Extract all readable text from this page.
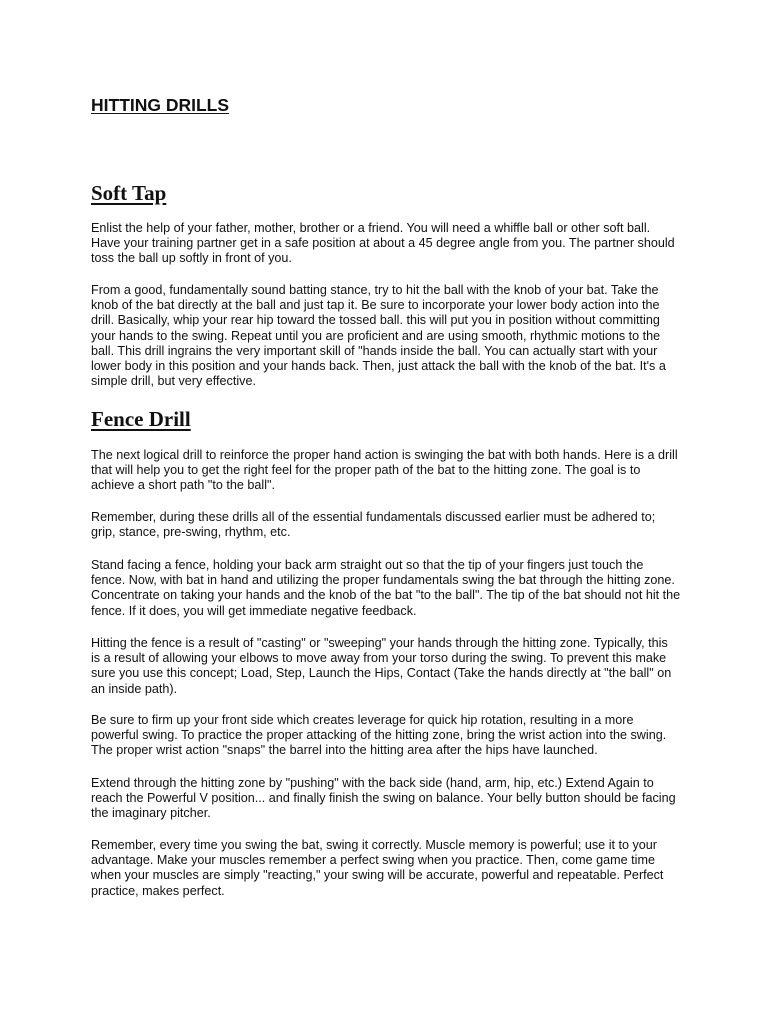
HITTING DRILLS
Soft Tap

Enlist the help of your father, mother, brother or a friend. You will need a whiffle ball or other soft ball.
Have your training partner get in a safe position at about a 45 degree angle from you. The partner should
toss the ball up softly in front of you.

From a good, fundamentally sound batting stance, try to hit the ball with the knob of your bat. Take the
knob of the bat directly at the ball and just tap it. Be sure to incorporate your lower body action into the
drill. Basically, whip your rear hip toward the tossed ball. this will put you in position without committing
your hands to the swing. Repeat until you are proficient and are using smooth, rhythmic motions to the
ball. This drill ingrains the very important skill of "hands inside the ball. You can actually start with your
lower body in this position and your hands back. Then, just attack the ball with the knob of the bat. It's a
simple drill, but very effective.

Fence Drill

The next logical drill to reinforce the proper hand action is swinging the bat with both hands. Here is a drill
that will help you to get the right feel for the proper path of the bat to the hitting zone. The goal is to
achieve a short path "to the ball".

Remember, during these drills all of the essential fundamentals discussed earlier must be adhered to;
grip, stance, pre-swing, rhythm, etc.

Stand facing a fence, holding your back arm straight out so that the tip of your fingers just touch the
fence. Now, with bat in hand and utilizing the proper fundamentals swing the bat through the hitting zone.
Concentrate on taking your hands and the knob of the bat "to the ball". The tip of the bat should not hit the
fence. If it does, you will get immediate negative feedback.

Hitting the fence is a result of "casting" or "sweeping" your hands through the hitting zone. Typically, this
is a result of allowing your elbows to move away from your torso during the swing. To prevent this make
sure you use this concept; Load, Step, Launch the Hips, Contact (Take the hands directly at "the ball" on
an inside path).

Be sure to firm up your front side which creates leverage for quick hip rotation, resulting in a more
powerful swing. To practice the proper attacking of the hitting zone, bring the wrist action into the swing.
The proper wrist action "snaps" the barrel into the hitting area after the hips have launched.

Extend through the hitting zone by "pushing" with the back side (hand, arm, hip, etc.) Extend Again to
reach the Powerful V position... and finally finish the swing on balance. Your belly button should be facing
the imaginary pitcher.

Remember, every time you swing the bat, swing it correctly. Muscle memory is powerful; use it to your
advantage. Make your muscles remember a perfect swing when you practice. Then, come game time
when your muscles are simply "reacting," your swing will be accurate, powerful and repeatable. Perfect
practice, makes perfect.
